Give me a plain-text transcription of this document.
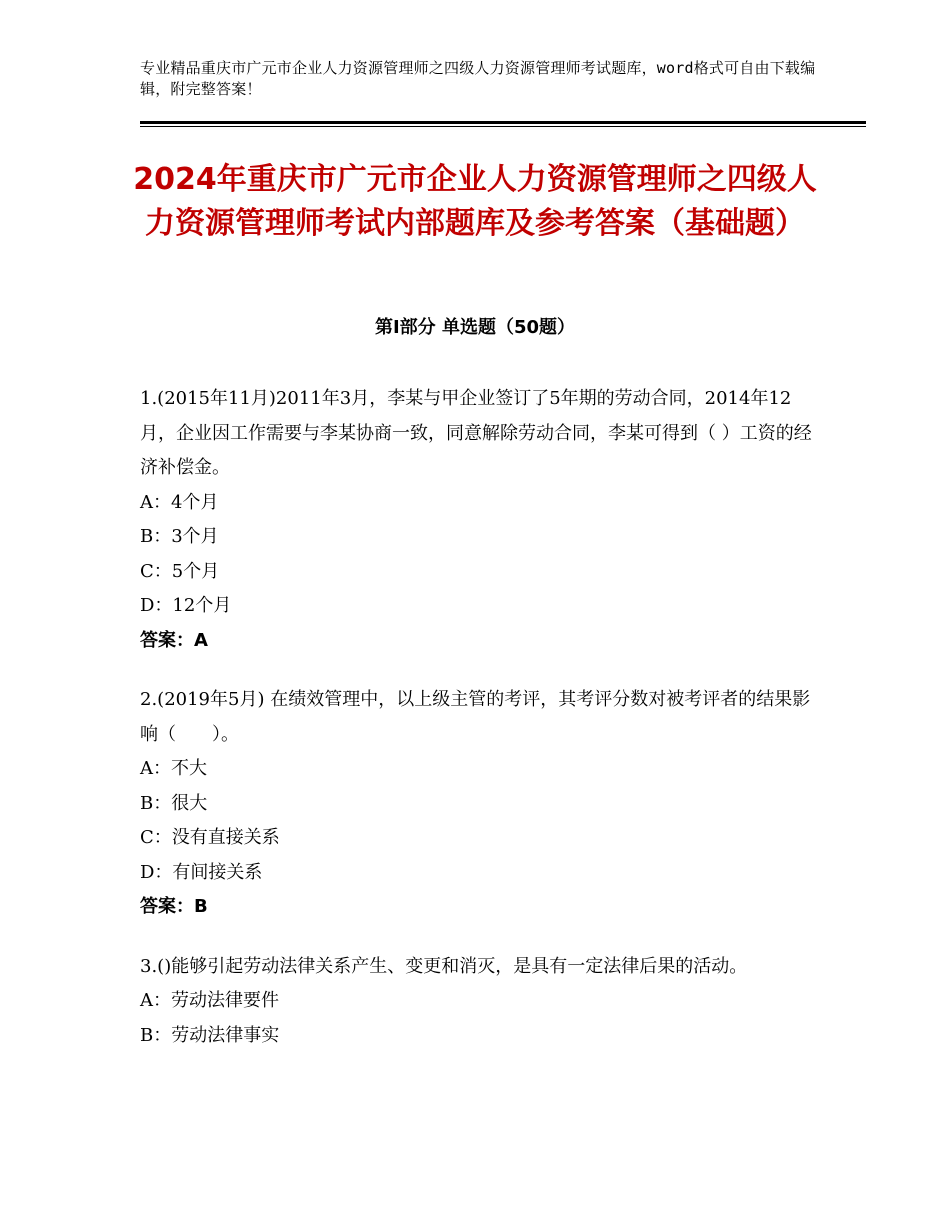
专业精品重庆市广元市企业人力资源管理师之四级人力资源管理师考试题库，word格式可自由下载编辑，附完整答案！
2024年重庆市广元市企业人力资源管理师之四级人力资源管理师考试内部题库及参考答案（基础题）
第Ⅰ部分 单选题（50题）

1.(2015年11月)2011年3月，李某与甲企业签订了5年期的劳动合同，2014年12月，企业因工作需要与李某协商一致，同意解除劳动合同，李某可得到（ ）工资的经济补偿金。

A：4个月

B：3个月

C：5个月

D：12个月

答案：A

2.(2019年5月) 在绩效管理中，以上级主管的考评，其考评分数对被考评者的结果影响（　　）。

A：不大

B：很大

C：没有直接关系

D：有间接关系

答案：B

3.()能够引起劳动法律关系产生、变更和消灭，是具有一定法律后果的活动。

A：劳动法律要件

B：劳动法律事实
